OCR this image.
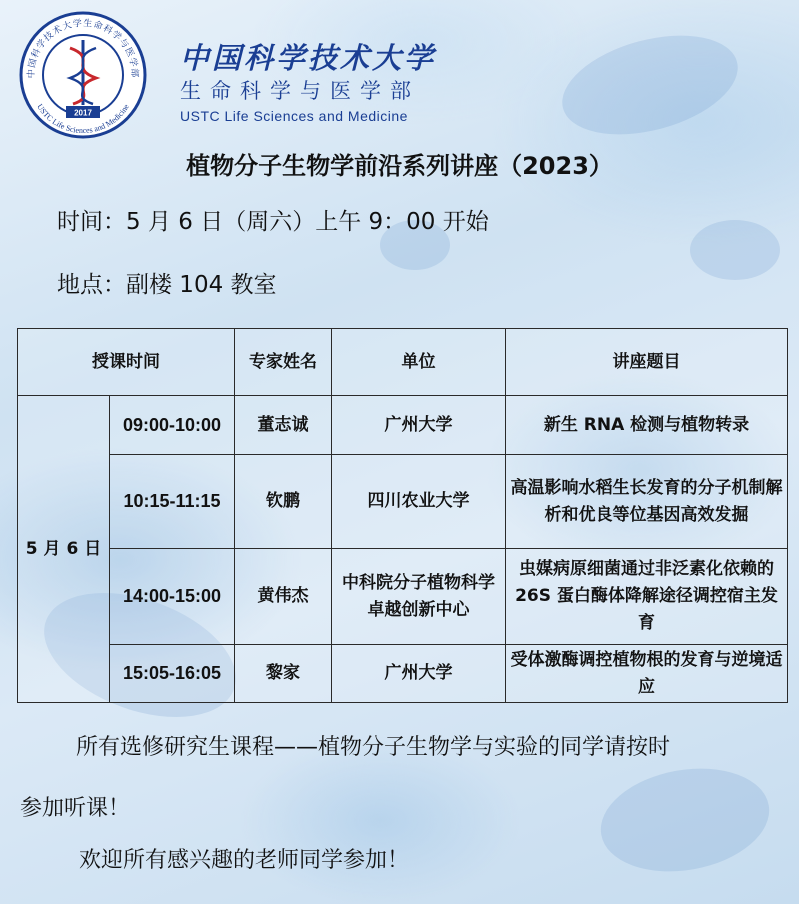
中国科学技术大学生命科学与医学部
USTC Life Sciences and Medicine
2017
中国科学技术大学
生命科学与医学部
USTC Life Sciences and Medicine
植物分子生物学前沿系列讲座（2023）
时间：5 月 6 日（周六）上午 9：00 开始
地点：副楼 104 教室
授课时间		专家姓名	单位	讲座题目
5 月 6 日	09:00-10:00	董志诚	广州大学	新生 RNA 检测与植物转录
	10:15-11:15	钦鹏	四川农业大学	高温影响水稻生长发育的分子机制解析和优良等位基因高效发掘
	14:00-15:00	黄伟杰	中科院分子植物科学卓越创新中心	虫媒病原细菌通过非泛素化依赖的 26S 蛋白酶体降解途径调控宿主发育
	15:05-16:05	黎家	广州大学	受体激酶调控植物根的发育与逆境适应
所有选修研究生课程——植物分子生物学与实验的同学请按时
参加听课！
欢迎所有感兴趣的老师同学参加！
